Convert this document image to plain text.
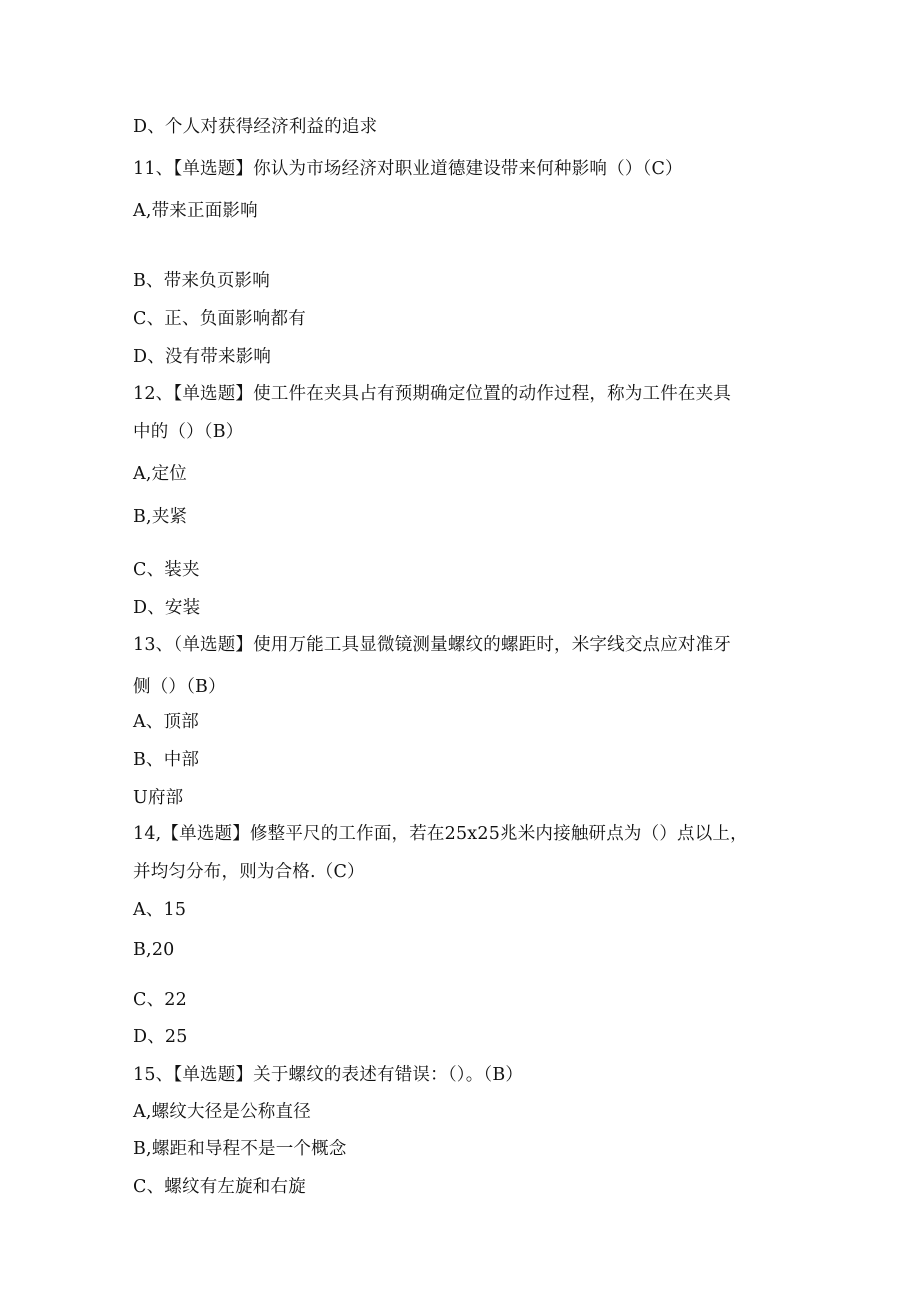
D、个人对获得经济利益的追求
11、【单选题】你认为市场经济对职业道德建设带来何种影响（）（C）
A,带来正面影响
B、带来负页影响
C、正、负面影响都有
D、没有带来影响
12、【单选题】使工件在夹具占有预期确定位置的动作过程，称为工件在夹具
中的（）（B）
A,定位
B,夹紧
C、装夹
D、安装
13、（单选题】使用万能工具显微镜测量螺纹的螺距时，米字线交点应对准牙
侧（）（B）
A、顶部
B、中部
U府部
14,【单选题】修整平尺的工作面，若在25x25兆米内接触研点为（）点以上，
并均匀分布，则为合格.（C）
A、15
B,20
C、22
D、25
15、【单选题】关于螺纹的表述有错误：（）。（B）
A,螺纹大径是公称直径
B,螺距和导程不是一个概念
C、螺纹有左旋和右旋
